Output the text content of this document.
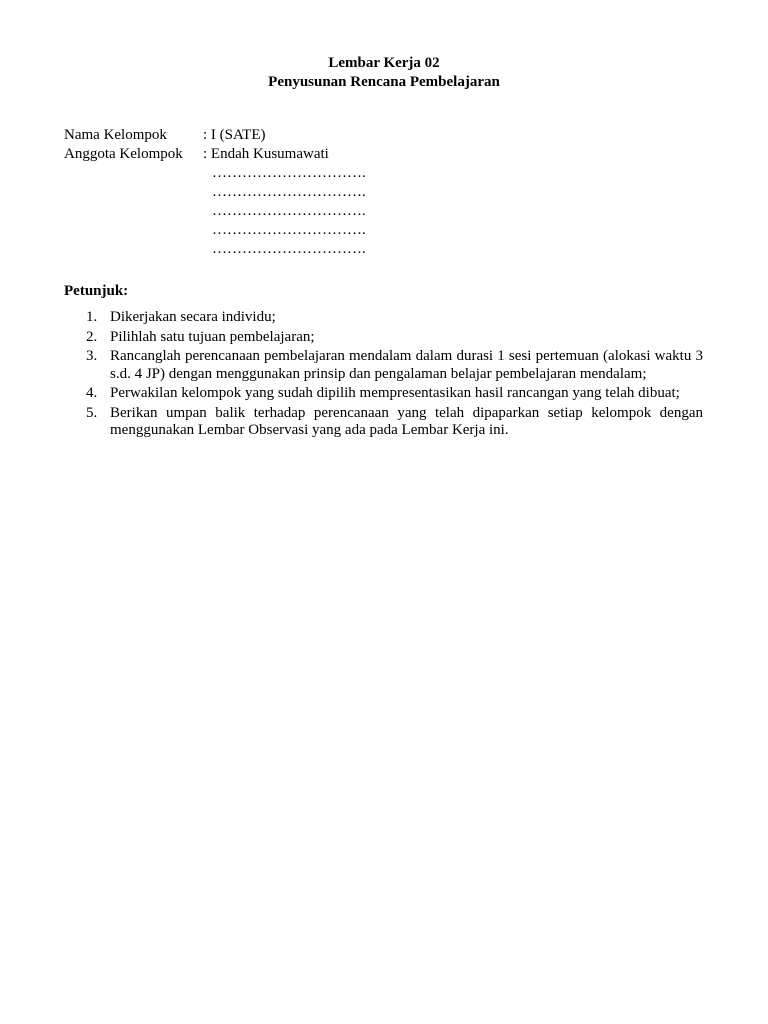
Lembar Kerja 02
Penyusunan Rencana Pembelajaran
Nama Kelompok	: I (SATE)
Anggota Kelompok	: Endah Kusumawati
………………………….
………………………….
………………………….
………………………….
………………………….
Petunjuk:
1. Dikerjakan secara individu;
2. Pilihlah satu tujuan pembelajaran;
3. Rancanglah perencanaan pembelajaran mendalam dalam durasi 1 sesi pertemuan (alokasi waktu 3 s.d. 4 JP) dengan menggunakan prinsip dan pengalaman belajar pembelajaran mendalam;
4. Perwakilan kelompok yang sudah dipilih mempresentasikan hasil rancangan yang telah dibuat;
5. Berikan umpan balik terhadap perencanaan yang telah dipaparkan setiap kelompok dengan menggunakan Lembar Observasi yang ada pada Lembar Kerja ini.
